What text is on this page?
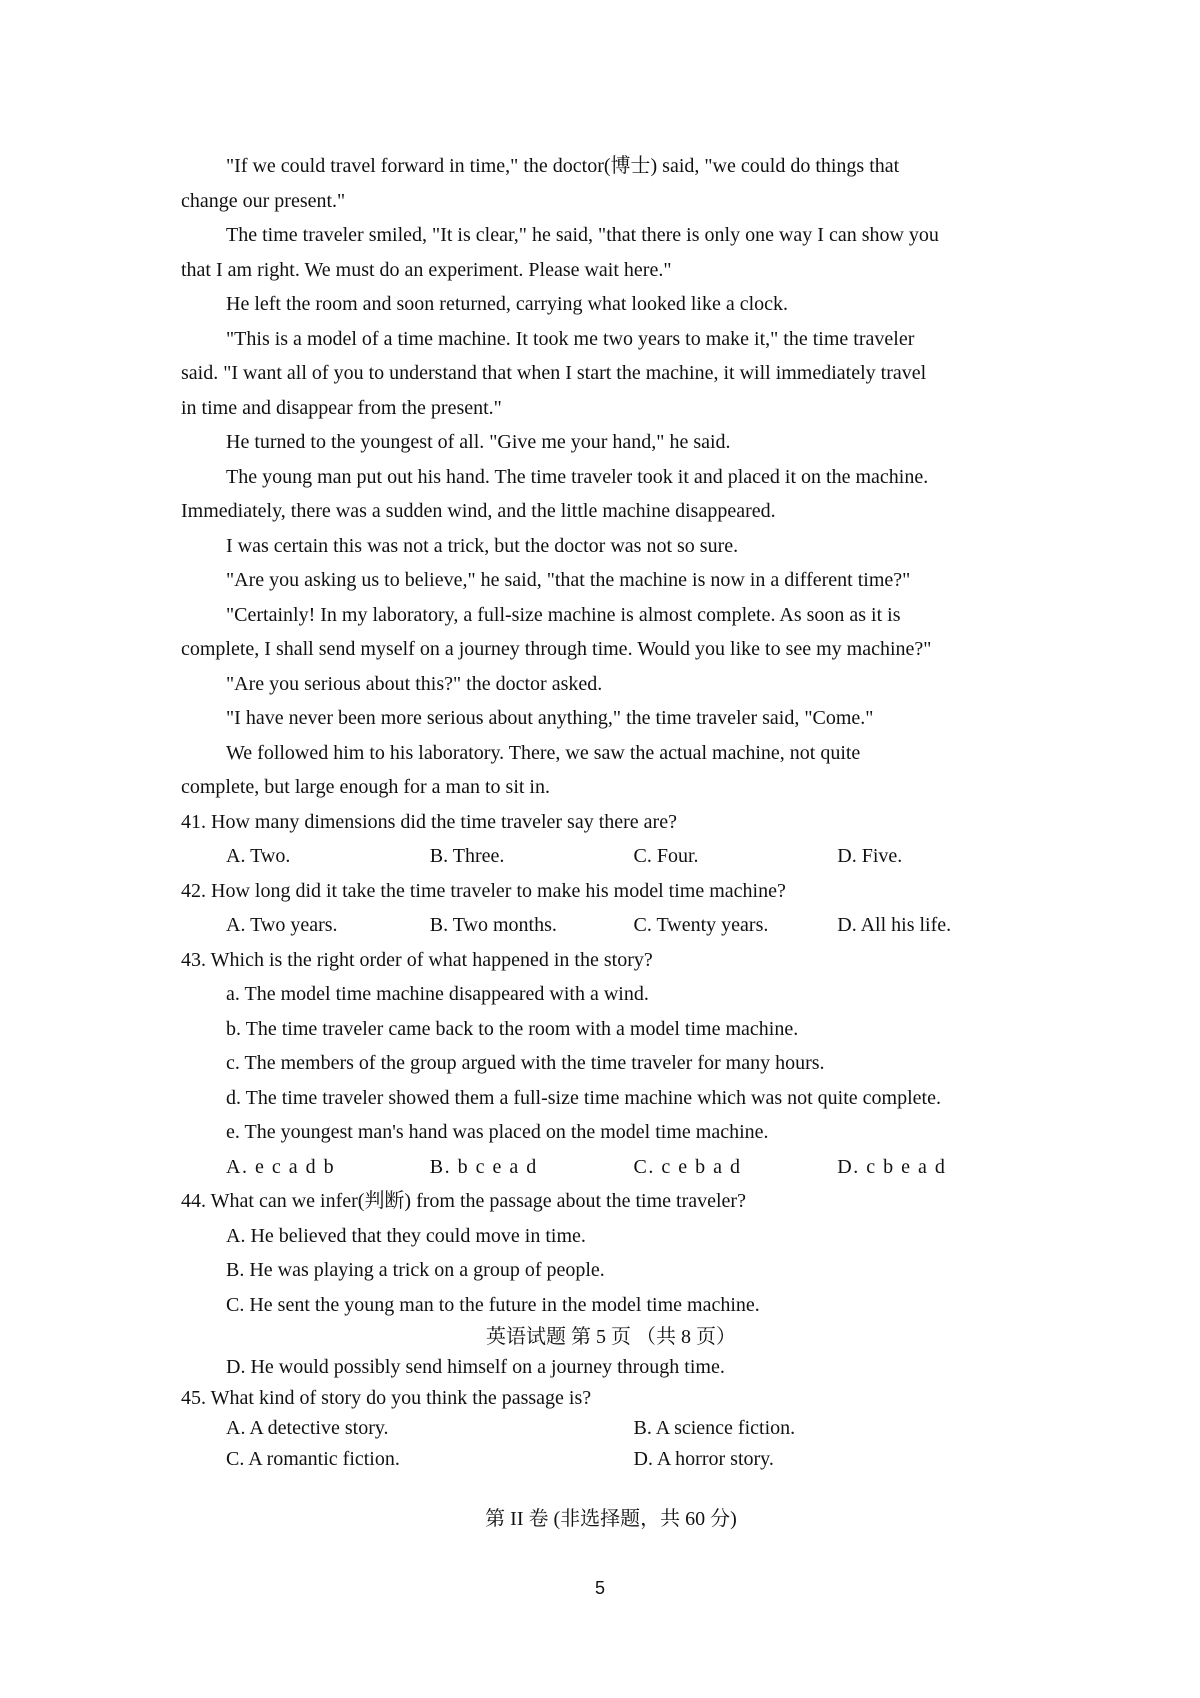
"If we could travel forward in time," the doctor(博士) said, "we could do things that
change our present."
The time traveler smiled, "It is clear," he said, "that there is only one way I can show you
that I am right. We must do an experiment. Please wait here."
He left the room and soon returned, carrying what looked like a clock.
"This is a model of a time machine. It took me two years to make it," the time traveler
said. "I want all of you to understand that when I start the machine, it will immediately travel
in time and disappear from the present."
He turned to the youngest of all. "Give me your hand," he said.
The young man put out his hand. The time traveler took it and placed it on the machine.
Immediately, there was a sudden wind, and the little machine disappeared.
I was certain this was not a trick, but the doctor was not so sure.
"Are you asking us to believe," he said, "that the machine is now in a different time?"
"Certainly! In my laboratory, a full-size machine is almost complete. As soon as it is
complete, I shall send myself on a journey through time. Would you like to see my machine?"
"Are you serious about this?" the doctor asked.
"I have never been more serious about anything," the time traveler said, "Come."
We followed him to his laboratory. There, we saw the actual machine, not quite
complete, but large enough for a man to sit in.
41. How many dimensions did the time traveler say there are?
A. Two.	B. Three.	C. Four.	D. Five.
42. How long did it take the time traveler to make his model time machine?
A. Two years.	B. Two months.	C. Twenty years.	D. All his life.
43. Which is the right order of what happened in the story?
a. The model time machine disappeared with a wind.
b. The time traveler came back to the room with a model time machine.
c. The members of the group argued with the time traveler for many hours.
d. The time traveler showed them a full-size time machine which was not quite complete.
e. The youngest man's hand was placed on the model time machine.
A. e c a d b	B. b c e a d	C. c e b a d	D. c b e a d
44. What can we infer(判断) from the passage about the time traveler?
A. He believed that they could move in time.
B. He was playing a trick on a group of people.
C. He sent the young man to the future in the model time machine.
英语试题 第 5 页 （共 8 页）
D. He would possibly send himself on a journey through time.
45. What kind of story do you think the passage is?
A. A detective story.	B. A science fiction.
C. A romantic fiction.	D. A horror story.
第 II 卷 (非选择题，共 60 分)
5
